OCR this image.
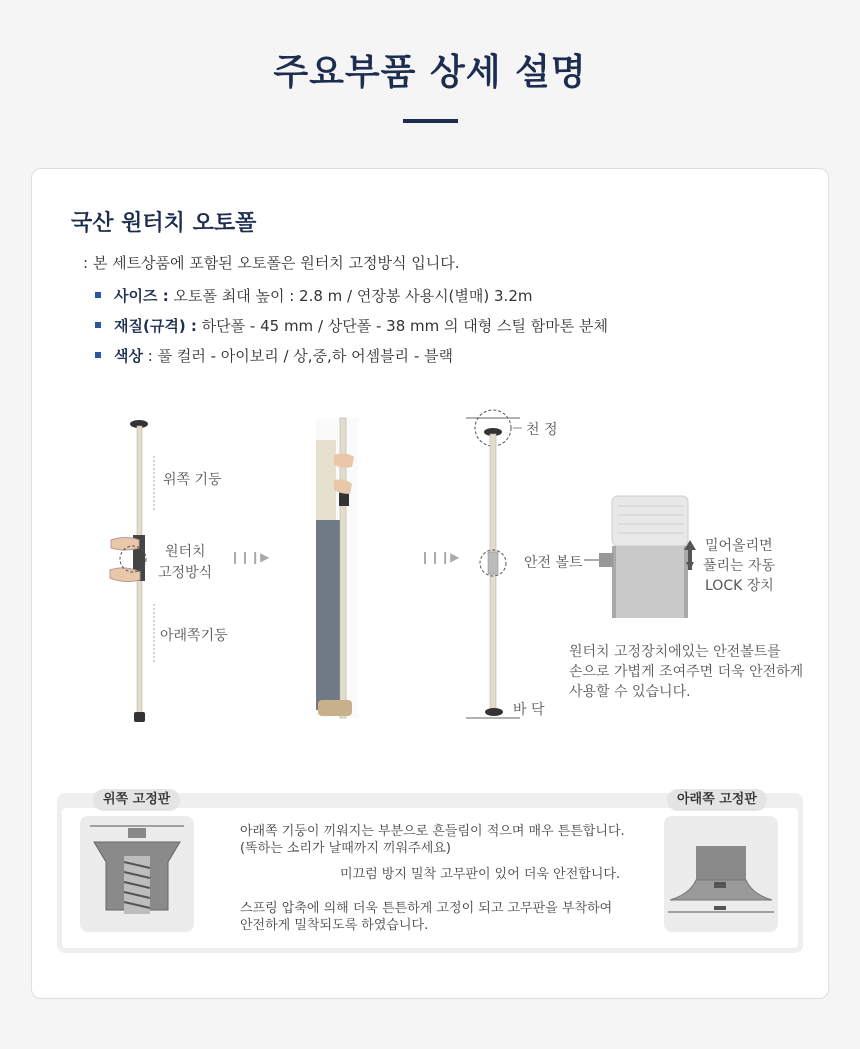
주요부품 상세 설명
국산 원터치 오토폴
: 본 세트상품에 포함된 오토폴은 원터치 고정방식 입니다.
사이즈 : 오토폴 최대 높이 : 2.8 m / 연장봉 사용시(별매) 3.2m
재질(규격) : 하단폴 - 45 mm / 상단폴 - 38 mm 의 대형 스틸 함마톤 분체
색상 : 풀 컬러 - 아이보리 / 상,중,하 어셈블리 - 블랙
❙❙❙▶	❙❙❙▶
위쪽 기둥
원터치
고정방식
아래쪽기둥
천 정
안전 볼트
바 닥
밀어올리면
풀리는 자동
LOCK 장치
원터치 고정장치에있는 안전볼트를
손으로 가볍게 조여주면 더욱 안전하게
사용할 수 있습니다.
위쪽 고정판	아래쪽 고정판
아래쪽 기둥이 끼워지는 부분으로 흔들림이 적으며 매우 튼튼합니다.
(똑하는 소리가 날때까지 끼워주세요)
미끄럼 방지 밀착 고무판이 있어 더욱 안전합니다.
스프링 압축에 의해 더욱 튼튼하게 고정이 되고 고무판을 부착하여
안전하게 밀착되도록 하였습니다.
